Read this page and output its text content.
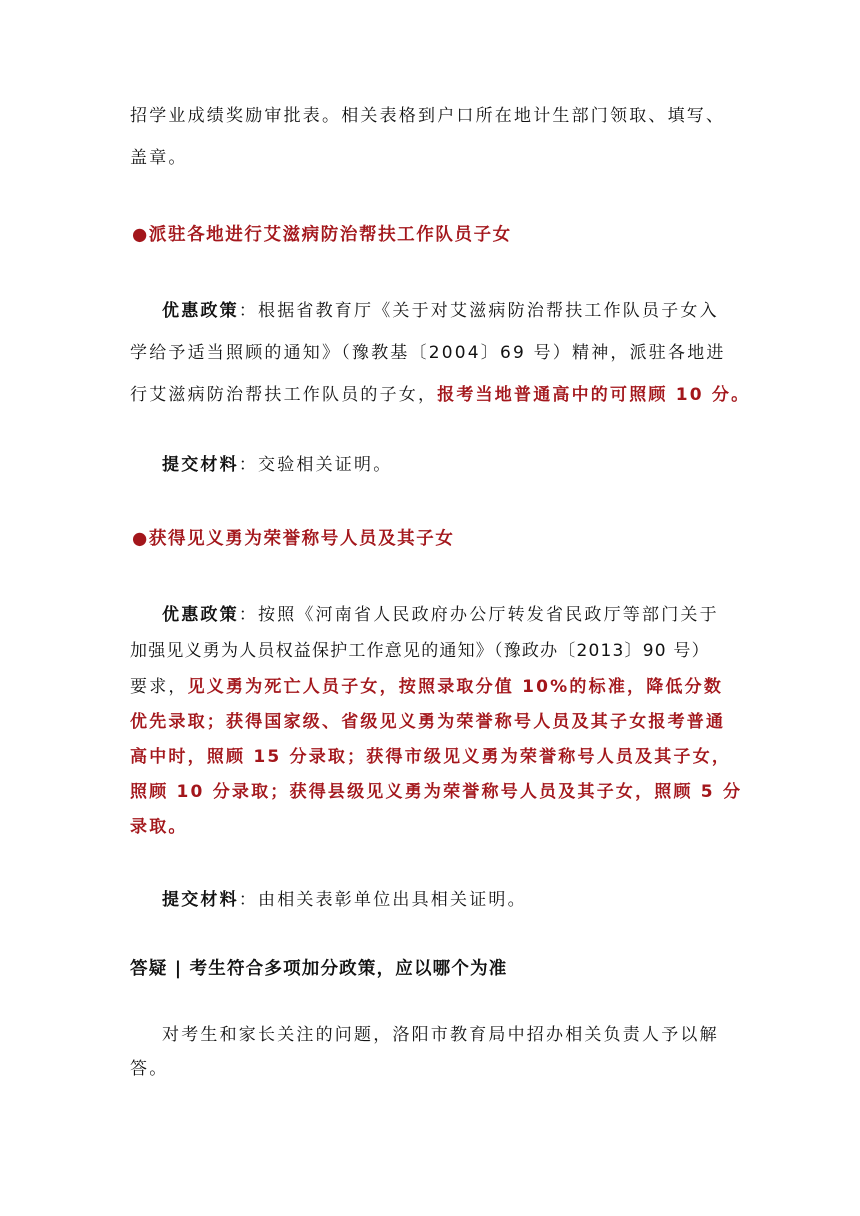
招学业成绩奖励审批表。相关表格到户口所在地计生部门领取、填写、
盖章。
●派驻各地进行艾滋病防治帮扶工作队员子女
优惠政策：根据省教育厅《关于对艾滋病防治帮扶工作队员子女入
学给予适当照顾的通知》（豫教基〔2004〕69 号）精神，派驻各地进
行艾滋病防治帮扶工作队员的子女，报考当地普通高中的可照顾 10 分。
提交材料：交验相关证明。
●获得见义勇为荣誉称号人员及其子女
优惠政策：按照《河南省人民政府办公厅转发省民政厅等部门关于
加强见义勇为人员权益保护工作意见的通知》（豫政办〔2013〕90 号）
要求，见义勇为死亡人员子女，按照录取分值 10%的标准，降低分数
优先录取；获得国家级、省级见义勇为荣誉称号人员及其子女报考普通
高中时，照顾 15 分录取；获得市级见义勇为荣誉称号人员及其子女，
照顾 10 分录取；获得县级见义勇为荣誉称号人员及其子女，照顾 5 分
录取。
提交材料：由相关表彰单位出具相关证明。
答疑 | 考生符合多项加分政策，应以哪个为准
对考生和家长关注的问题，洛阳市教育局中招办相关负责人予以解
答。
